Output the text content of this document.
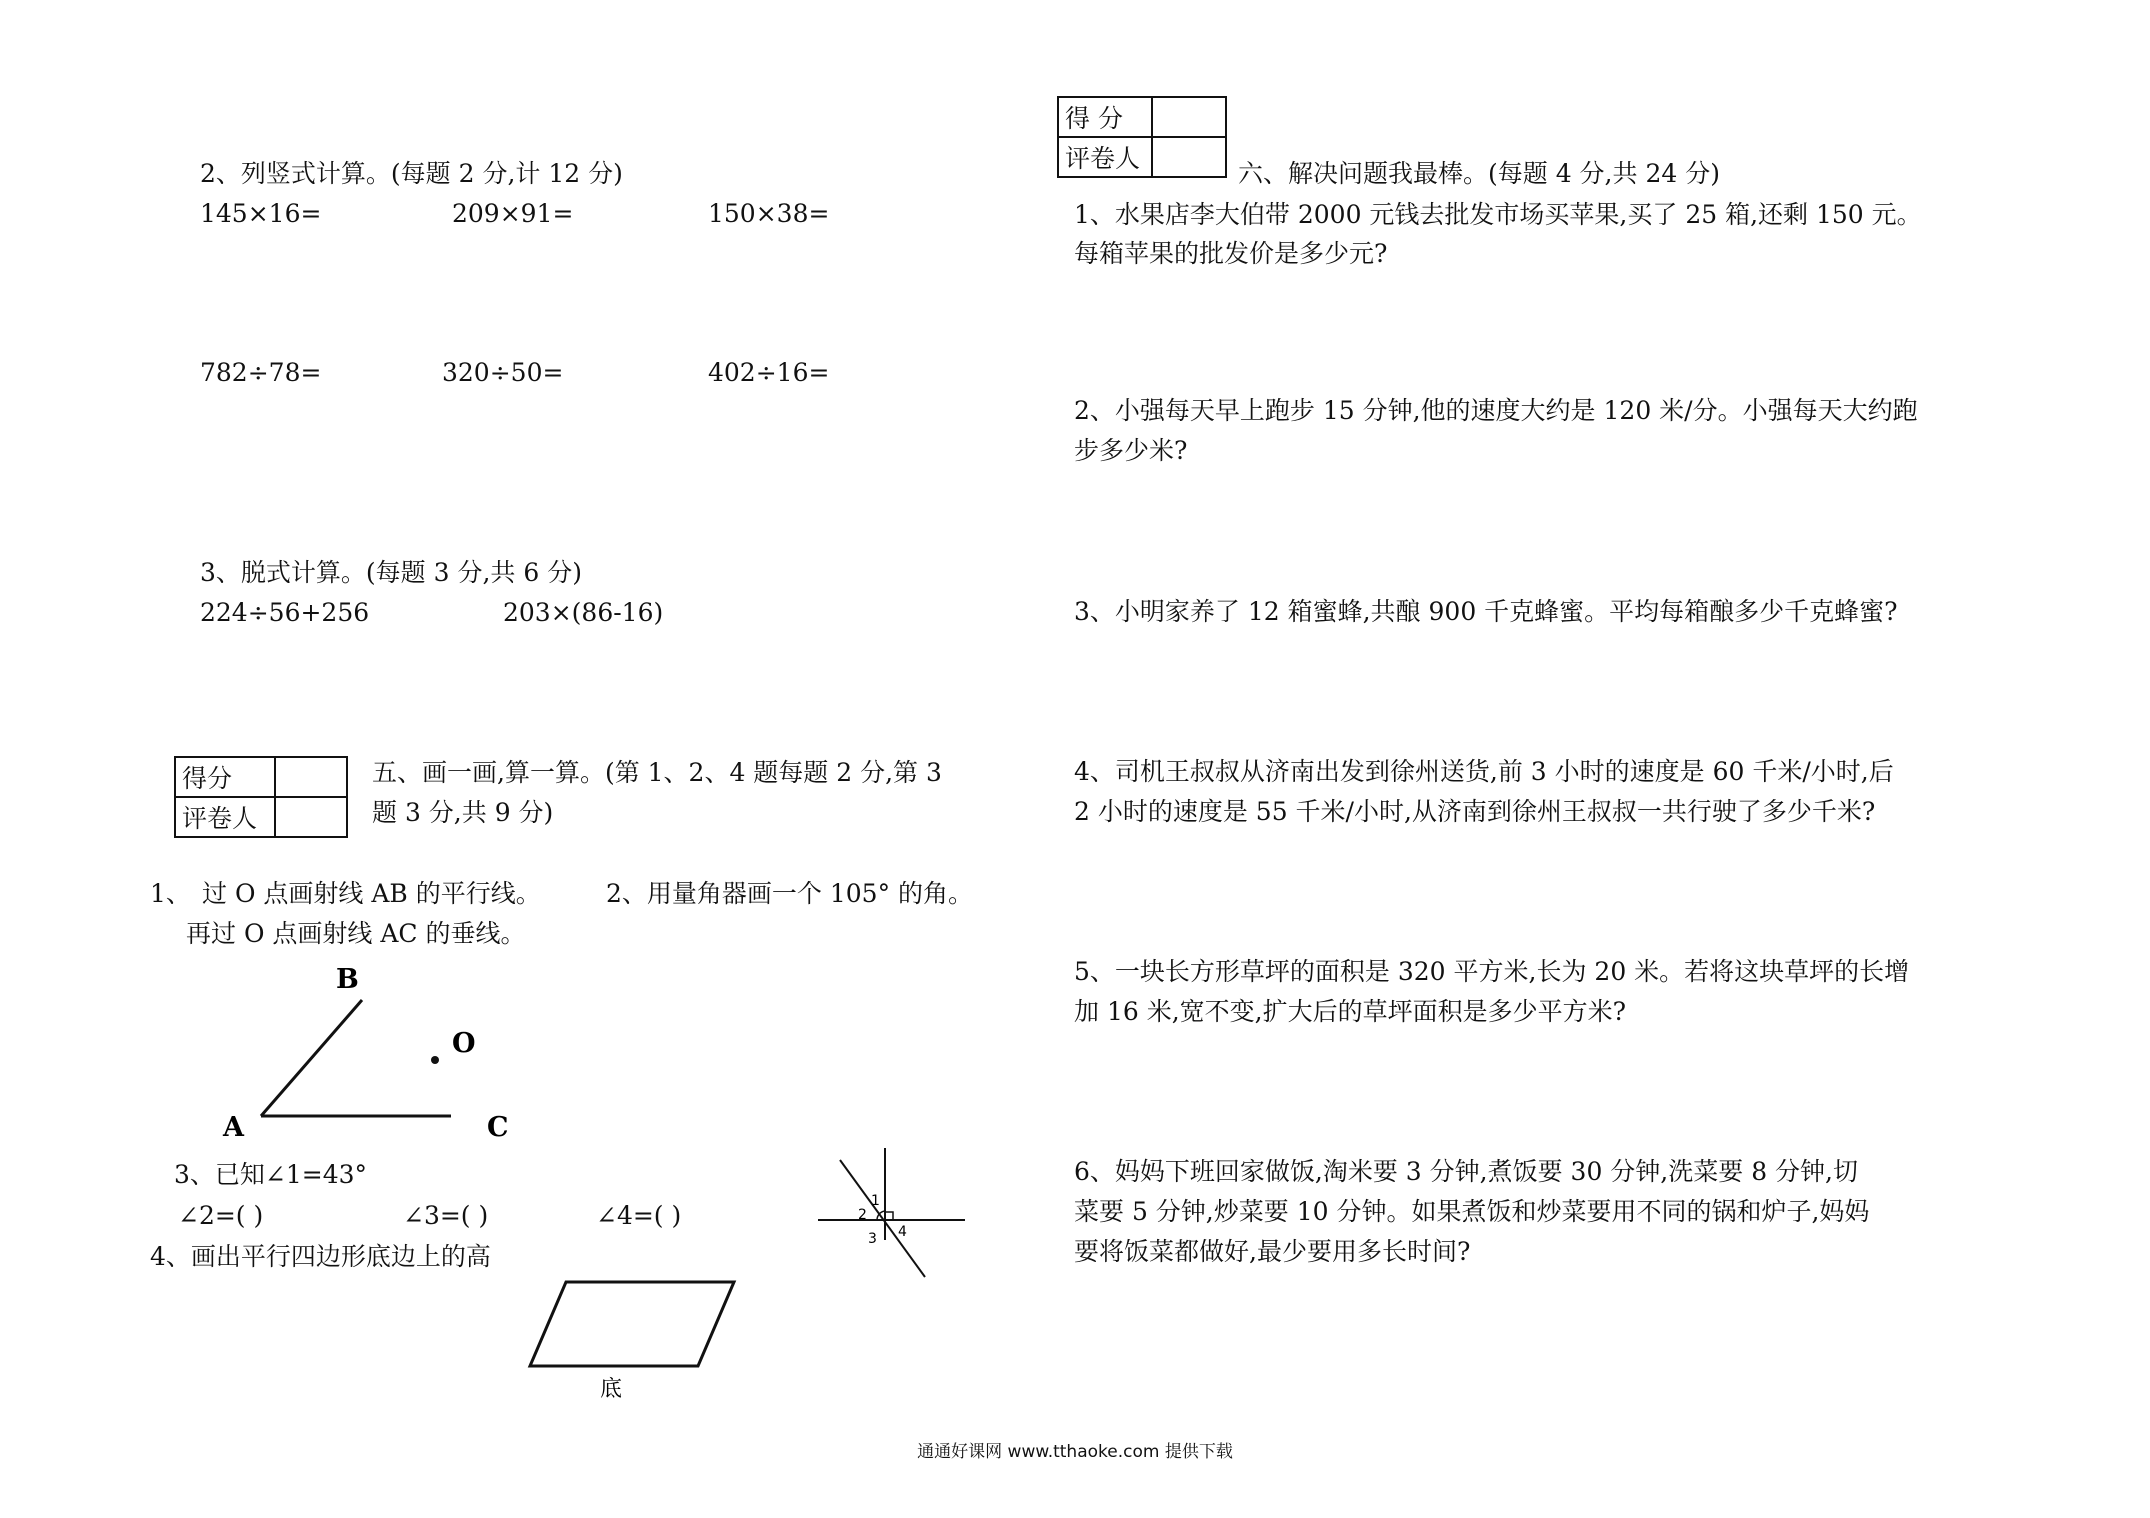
2、列竖式计算。(每题 2 分,计 12 分)
145×16=	209×91=	150×38=
782÷78=	320÷50=	402÷16=
3、脱式计算。(每题 3 分,共 6 分)
224÷56+256	203×(86-16)
得分	
评卷人	
五、画一画,算一算。(第 1、2、4 题每题 2 分,第 3
题 3 分,共 9 分)
1、 过 O 点画射线 AB 的平行线。
再过 O 点画射线 AC 的垂线。
2、用量角器画一个 105° 的角。
B
O
A	C
1
2
3 4
底
3、已知∠1=43°
∠2=( )	∠3=( )	∠4=( )
4、画出平行四边形底边上的高
得 分	
评卷人	
六、解决问题我最棒。(每题 4 分,共 24 分)
1、水果店李大伯带 2000 元钱去批发市场买苹果,买了 25 箱,还剩 150 元。
每箱苹果的批发价是多少元?
2、小强每天早上跑步 15 分钟,他的速度大约是 120 米/分。小强每天大约跑
步多少米?
3、小明家养了 12 箱蜜蜂,共酿 900 千克蜂蜜。平均每箱酿多少千克蜂蜜?
4、司机王叔叔从济南出发到徐州送货,前 3 小时的速度是 60 千米/小时,后
2 小时的速度是 55 千米/小时,从济南到徐州王叔叔一共行驶了多少千米?
5、一块长方形草坪的面积是 320 平方米,长为 20 米。若将这块草坪的长增
加 16 米,宽不变,扩大后的草坪面积是多少平方米?
6、妈妈下班回家做饭,淘米要 3 分钟,煮饭要 30 分钟,洗菜要 8 分钟,切
菜要 5 分钟,炒菜要 10 分钟。如果煮饭和炒菜要用不同的锅和炉子,妈妈
要将饭菜都做好,最少要用多长时间?
通通好课网 www.tthaoke.com 提供下载
